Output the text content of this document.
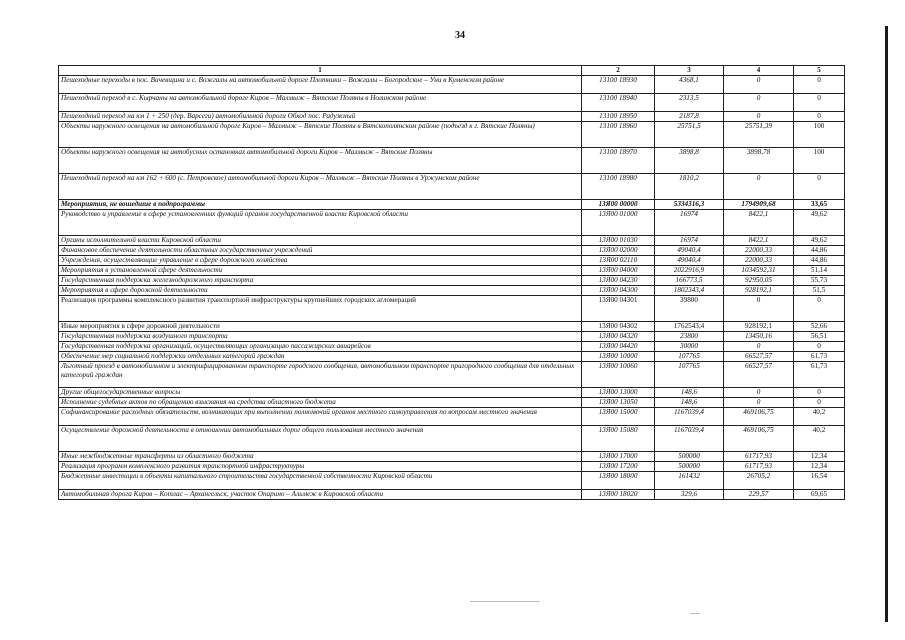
34
1	2	3	4	5
Пешеходные переходы в пос. Вичевщина и с. Вожгалы на автомобильной дороге Плотники – Вожгалы – Богородское – Уни в Куменском районе	13100 18930	4368,1	0	0
Пешеходный переход в с. Кырчаны на автомобильной дороге Киров – Малмыж – Вятские Поляны в Нолинском районе	13100 18940	2313,5	0	0
Пешеходный переход на км 1 + 250 (дер. Варсеги) автомобильной дороги Обход пос. Радужный	13100 18950	2187,8	0	0
Объекты наружного освещения на автомобильной дороге Киров – Малмыж – Вятские Поляны в Вятскополянском районе (подъезд к г. Вятские Поляны)	13100 18960	25751,5	25751,39	100
Объекты наружного освещения на автобусных остановках автомобильной дороги Киров – Малмыж – Вятские Поляны	13100 18970	3898,8	3898,78	100
Пешеходный переход на км 162 + 600 (с. Петровское) автомобильной дороги Киров – Малмыж – Вятские Поляны в Уржумском районе	13100 18980	1810,2	0	0
Мероприятия, не вошедшие в подпрограммы	13Я00 00000	5334316,3	1794909,68	33,65
Руководство и управление в сфере установленных функций органов государственной власти Кировской области	13Я00 01000	16974	8422,1	49,62
Органы исполнительной власти Кировской области	13Я00 01030	16974	8422,1	49,62
Финансовое обеспечение деятельности областных государственных учреждений	13Я00 02000	49040,4	22000,33	44,86
Учреждения, осуществляющие управление в сфере дорожного хозяйства	13Я00 02110	49040,4	22000,33	44,86
Мероприятия в установленной сфере деятельности	13Я00 04000	2022916,9	1034592,31	51,14
Государственная поддержка железнодорожного транспорта	13Я00 04230	166773,5	92950,05	55,73
Мероприятия в сфере дорожной деятельности	13Я00 04300	1802343,4	928192,1	51,5
Реализация программы комплексного развития транспортной инфраструктуры крупнейших городских агломераций	13Я00 04301	39800	0	0
Иные мероприятия в сфере дорожной деятельности	13Я00 04302	1762543,4	928192,1	52,66
Государственная поддержка воздушного транспорта	13Я00 04320	23800	13450,16	56,51
Государственная поддержка организаций, осуществляющих организацию пассажирских авиарейсов	13Я00 04420	30000	0	0
Обеспечение мер социальной поддержки отдельных категорий граждан	13Я00 10000	107765	66527,57	61,73
Льготный проезд в автомобильном и электрифицированном транспорте городского сообщения, автомобильном транспорте пригородного сообщения для отдельных категорий граждан	13Я00 10060	107765	66527,57	61,73
Другие общегосударственные вопросы	13Я00 13000	148,6	0	0
Исполнение судебных актов по обращению взыскания на средства областного бюджета	13Я00 13050	148,6	0	0
Софинансирование расходных обязательств, возникающих при выполнении полномочий органов местного самоуправления по вопросам местного значения	13Я00 15000	1167039,4	469106,75	40,2
Осуществление дорожной деятельности в отношении автомобильных дорог общего пользования местного значения	13Я00 15080	1167039,4	469106,75	40,2
Иные межбюджетные трансферты из областного бюджета	13Я00 17000	500000	61717,93	12,34
Реализация программ комплексного развития транспортной инфраструктуры	13Я00 17200	500000	61717,93	12,34
Бюджетные инвестиции в объекты капитального строительства государственной собственности Кировской области	13Я00 18000	161432	26705,2	16,54
Автомобильная дорога Киров – Котлас – Архангельск, участок Опарино – Альмеж в Кировской области	13Я00 18020	329,6	229,57	69,65
